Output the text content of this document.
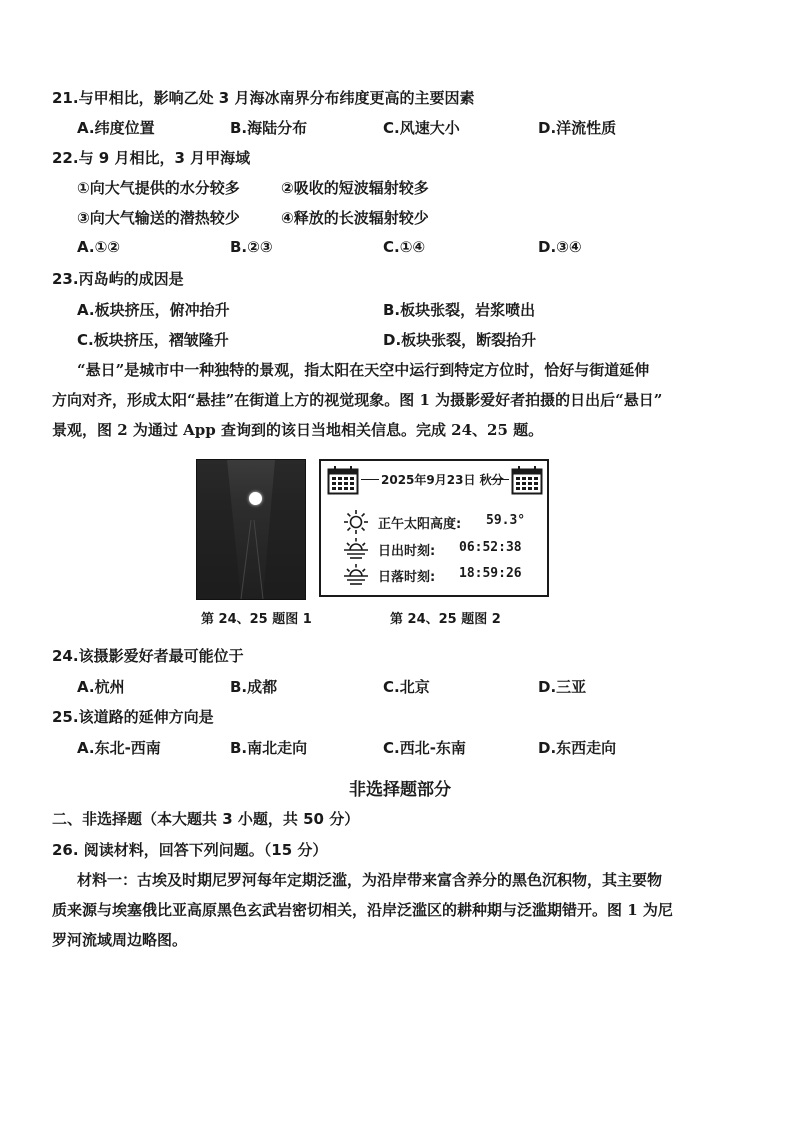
21.与甲相比，影响乙处 3 月海冰南界分布纬度更高的主要因素
A.纬度位置	B.海陆分布	C.风速大小	D.洋流性质
22.与 9 月相比，3 月甲海域
①向大气提供的水分较多	②吸收的短波辐射较多
③向大气输送的潜热较少	④释放的长波辐射较少
A.①②	B.②③	C.①④	D.③④
23.丙岛屿的成因是
A.板块挤压，俯冲抬升	B.板块张裂，岩浆喷出
C.板块挤压，褶皱隆升	D.板块张裂，断裂抬升
“悬日”是城市中一种独特的景观，指太阳在天空中运行到特定方位时，恰好与街道延伸
方向对齐，形成太阳“悬挂”在街道上方的视觉现象。图 1 为摄影爱好者拍摄的日出后“悬日”
景观，图 2 为通过 App 查询到的该日当地相关信息。完成 24、25 题。
2025年9月23日 秋分
正午太阳高度: 59.3°
日出时刻: 06:52:38
日落时刻: 18:59:26
第 24、25 题图 1	第 24、25 题图 2
24.该摄影爱好者最可能位于
A.杭州	B.成都	C.北京	D.三亚
25.该道路的延伸方向是
A.东北-西南	B.南北走向	C.西北-东南	D.东西走向
非选择题部分
二、非选择题（本大题共 3 小题，共 50 分）
26. 阅读材料，回答下列问题。（15 分）
材料一：古埃及时期尼罗河每年定期泛滥，为沿岸带来富含养分的黑色沉积物，其主要物
质来源与埃塞俄比亚高原黑色玄武岩密切相关，沿岸泛滥区的耕种期与泛滥期错开。图 1 为尼
罗河流域周边略图。
